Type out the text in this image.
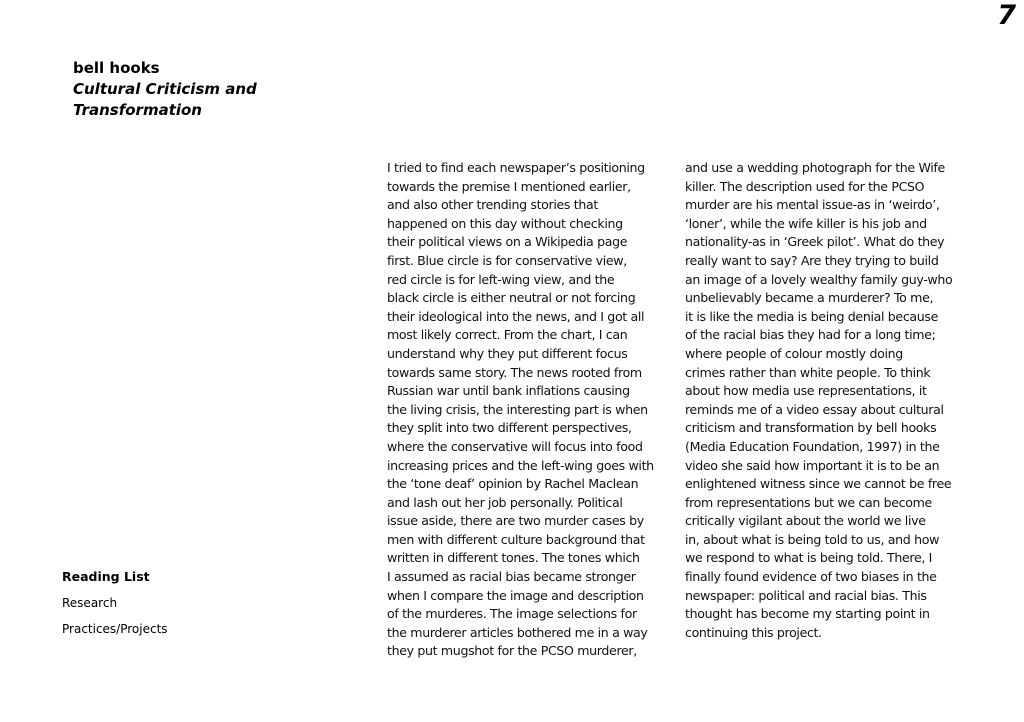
7
bell hooks
Cultural Criticism and Transformation
Reading List
Research
Practices/Projects
I tried to find each newspaper’s positioning
towards the premise I mentioned earlier,
and also other trending stories that
happened on this day without checking
their political views on a Wikipedia page
first. Blue circle is for conservative view,
red circle is for left-wing view, and the
black circle is either neutral or not forcing
their ideological into the news, and I got all
most likely correct. From the chart, I can
understand why they put different focus
towards same story. The news rooted from
Russian war until bank inflations causing
the living crisis, the interesting part is when
they split into two different perspectives,
where the conservative will focus into food
increasing prices and the left-wing goes with
the ‘tone deaf’ opinion by Rachel Maclean
and lash out her job personally. Political
issue aside, there are two murder cases by
men with different culture background that
written in different tones. The tones which
I assumed as racial bias became stronger
when I compare the image and description
of the murderes. The image selections for
the murderer articles bothered me in a way
they put mugshot for the PCSO murderer,
and use a wedding photograph for the Wife
killer. The description used for the PCSO
murder are his mental issue-as in ‘weirdo’,
‘loner’, while the wife killer is his job and
nationality-as in ‘Greek pilot’. What do they
really want to say? Are they trying to build
an image of a lovely wealthy family guy-who
unbelievably became a murderer? To me,
it is like the media is being denial because
of the racial bias they had for a long time;
where people of colour mostly doing
crimes rather than white people. To think
about how media use representations, it
reminds me of a video essay about cultural
criticism and transformation by bell hooks
(Media Education Foundation, 1997) in the
video she said how important it is to be an
enlightened witness since we cannot be free
from representations but we can become
critically vigilant about the world we live
in, about what is being told to us, and how
we respond to what is being told. There, I
finally found evidence of two biases in the
newspaper: political and racial bias. This
thought has become my starting point in
continuing this project.
